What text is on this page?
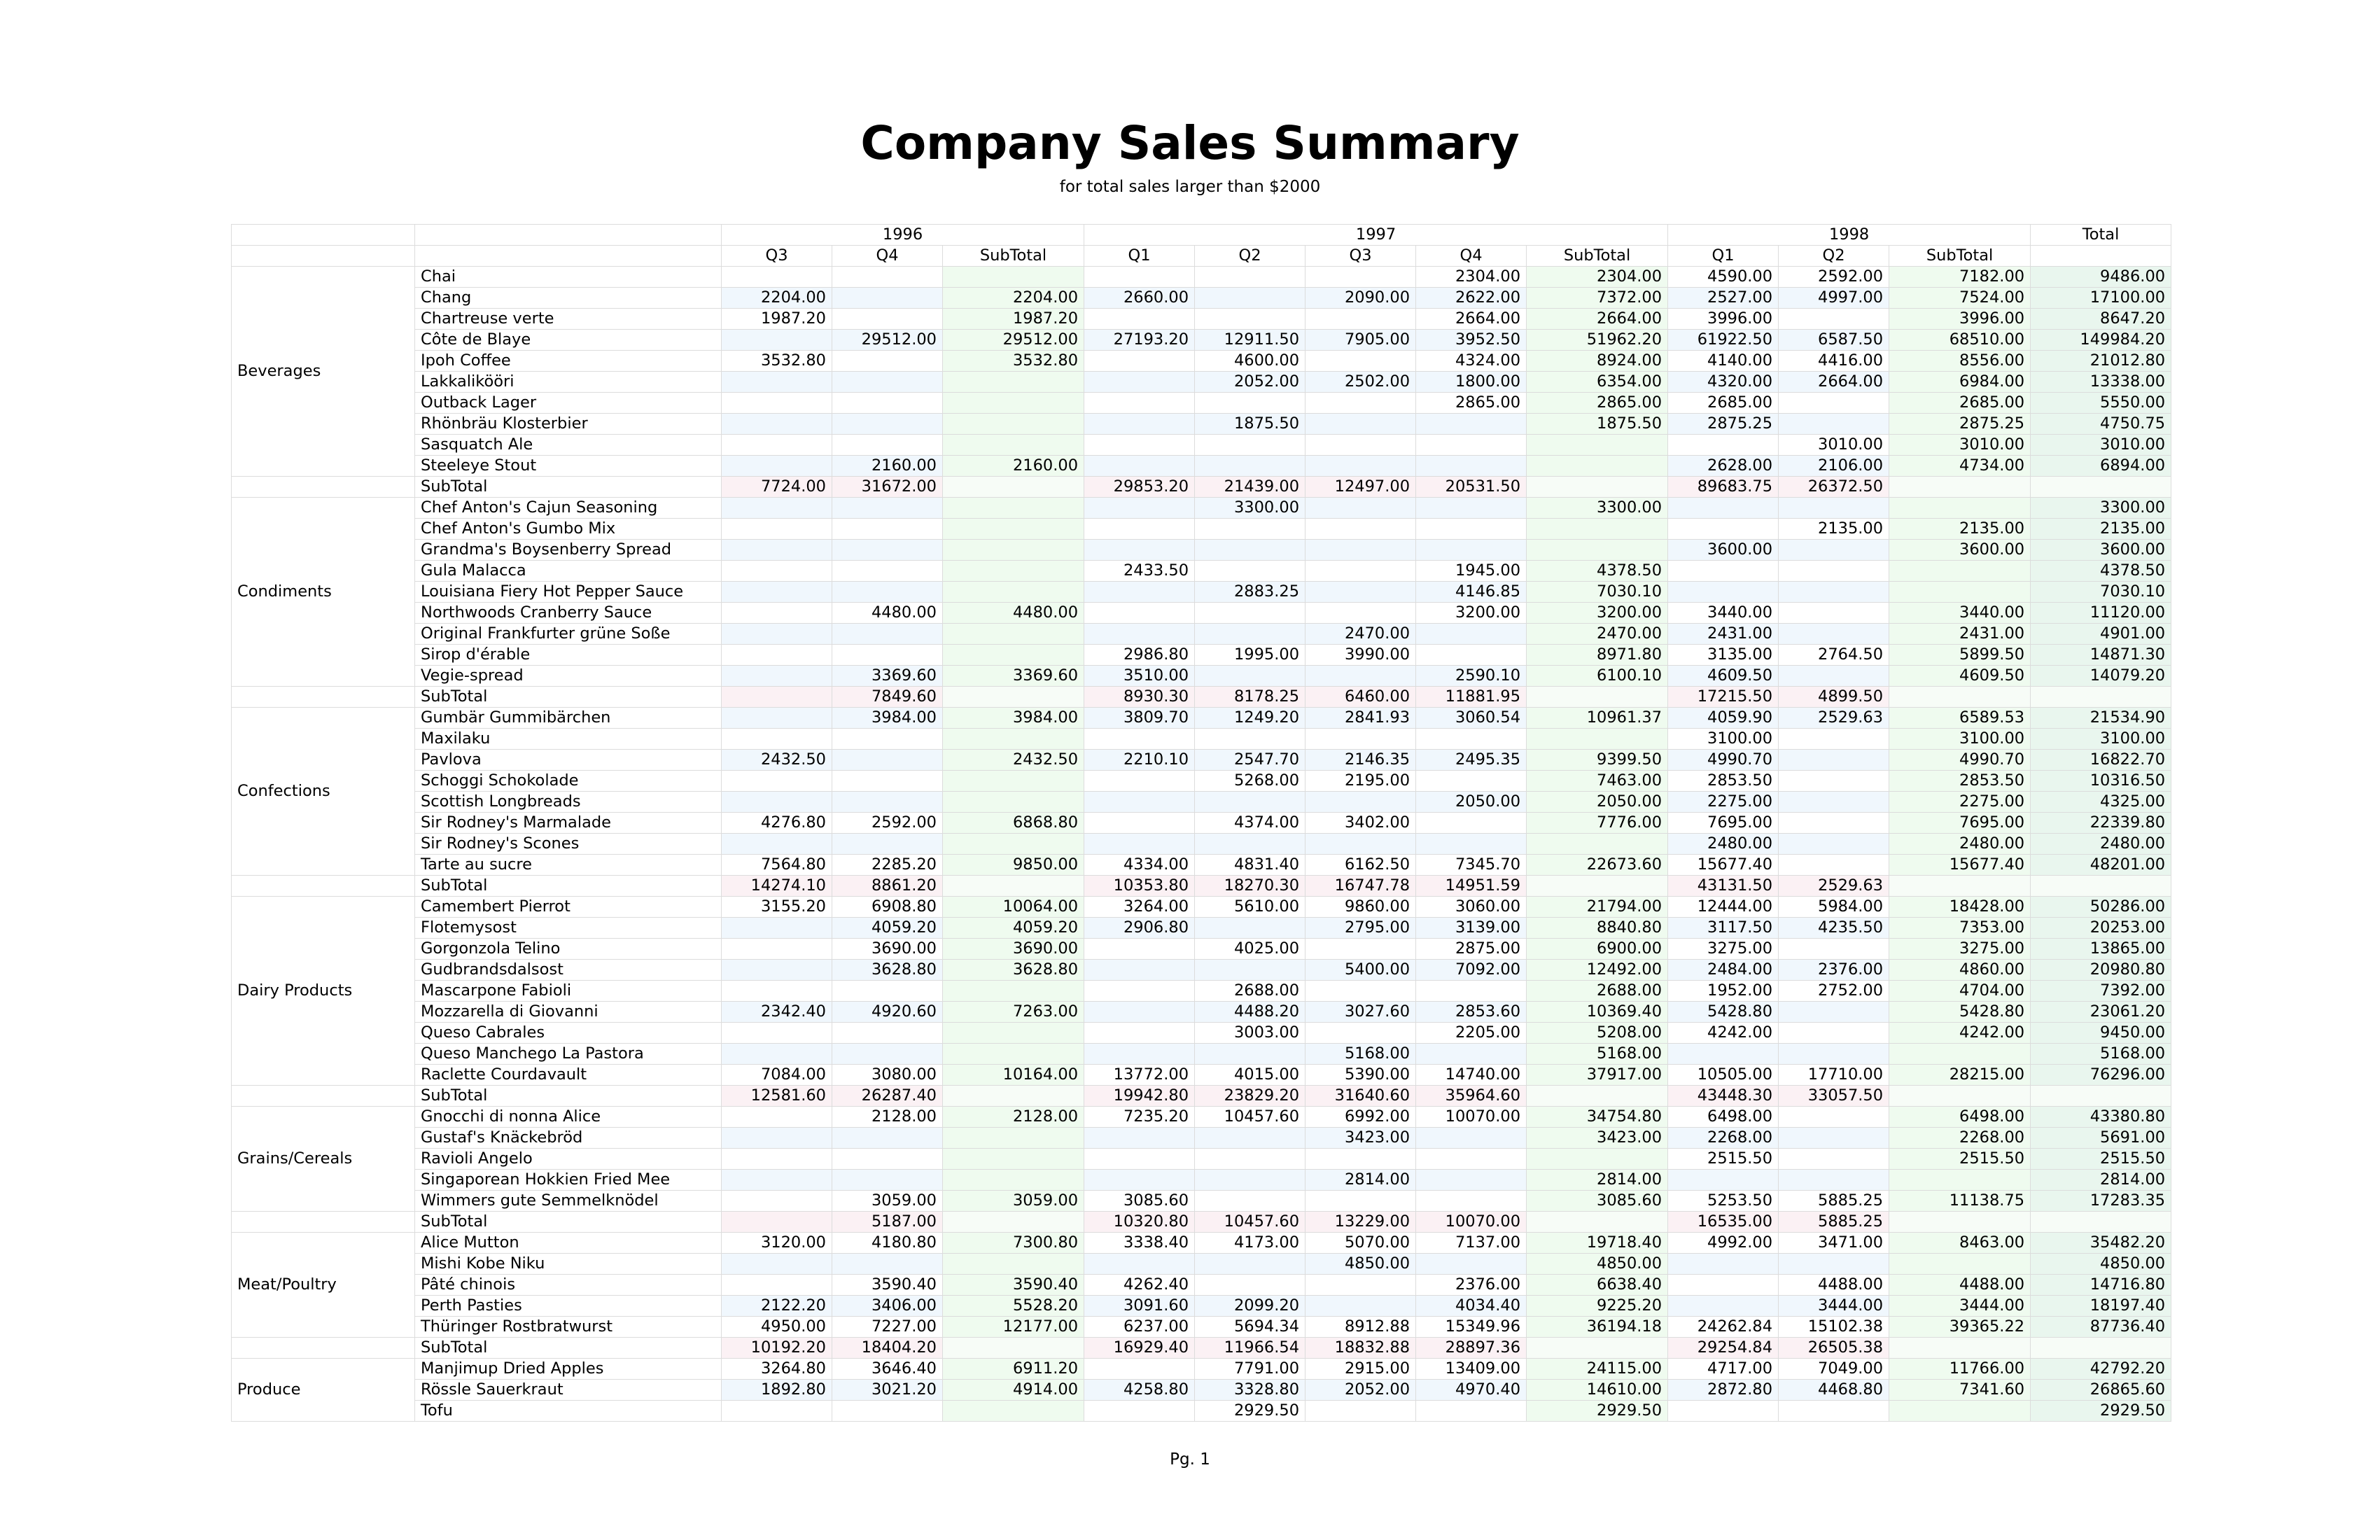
Company Sales Summary
for total sales larger than $2000
		1996			1997					1998			Total
		Q3	Q4	SubTotal	Q1	Q2	Q3	Q4	SubTotal	Q1	Q2	SubTotal	
Beverages	Chai							2304.00	2304.00	4590.00	2592.00	7182.00	9486.00
	Chang	2204.00		2204.00	2660.00		2090.00	2622.00	7372.00	2527.00	4997.00	7524.00	17100.00
	Chartreuse verte	1987.20		1987.20				2664.00	2664.00	3996.00		3996.00	8647.20
	Côte de Blaye		29512.00	29512.00	27193.20	12911.50	7905.00	3952.50	51962.20	61922.50	6587.50	68510.00	149984.20
	Ipoh Coffee	3532.80		3532.80		4600.00		4324.00	8924.00	4140.00	4416.00	8556.00	21012.80
	Lakkalikööri					2052.00	2502.00	1800.00	6354.00	4320.00	2664.00	6984.00	13338.00
	Outback Lager							2865.00	2865.00	2685.00		2685.00	5550.00
	Rhönbräu Klosterbier					1875.50			1875.50	2875.25		2875.25	4750.75
	Sasquatch Ale										3010.00	3010.00	3010.00
	Steeleye Stout		2160.00	2160.00						2628.00	2106.00	4734.00	6894.00
	SubTotal	7724.00	31672.00		29853.20	21439.00	12497.00	20531.50		89683.75	26372.50		
Condiments	Chef Anton's Cajun Seasoning					3300.00			3300.00				3300.00
	Chef Anton's Gumbo Mix										2135.00	2135.00	2135.00
	Grandma's Boysenberry Spread									3600.00		3600.00	3600.00
	Gula Malacca				2433.50			1945.00	4378.50				4378.50
	Louisiana Fiery Hot Pepper Sauce					2883.25		4146.85	7030.10				7030.10
	Northwoods Cranberry Sauce		4480.00	4480.00				3200.00	3200.00	3440.00		3440.00	11120.00
	Original Frankfurter grüne Soße						2470.00		2470.00	2431.00		2431.00	4901.00
	Sirop d'érable				2986.80	1995.00	3990.00		8971.80	3135.00	2764.50	5899.50	14871.30
	Vegie-spread		3369.60	3369.60	3510.00			2590.10	6100.10	4609.50		4609.50	14079.20
	SubTotal		7849.60		8930.30	8178.25	6460.00	11881.95		17215.50	4899.50		
Confections	Gumbär Gummibärchen		3984.00	3984.00	3809.70	1249.20	2841.93	3060.54	10961.37	4059.90	2529.63	6589.53	21534.90
	Maxilaku									3100.00		3100.00	3100.00
	Pavlova	2432.50		2432.50	2210.10	2547.70	2146.35	2495.35	9399.50	4990.70		4990.70	16822.70
	Schoggi Schokolade					5268.00	2195.00		7463.00	2853.50		2853.50	10316.50
	Scottish Longbreads							2050.00	2050.00	2275.00		2275.00	4325.00
	Sir Rodney's Marmalade	4276.80	2592.00	6868.80		4374.00	3402.00		7776.00	7695.00		7695.00	22339.80
	Sir Rodney's Scones									2480.00		2480.00	2480.00
	Tarte au sucre	7564.80	2285.20	9850.00	4334.00	4831.40	6162.50	7345.70	22673.60	15677.40		15677.40	48201.00
	SubTotal	14274.10	8861.20		10353.80	18270.30	16747.78	14951.59		43131.50	2529.63		
Dairy Products	Camembert Pierrot	3155.20	6908.80	10064.00	3264.00	5610.00	9860.00	3060.00	21794.00	12444.00	5984.00	18428.00	50286.00
	Flotemysost		4059.20	4059.20	2906.80		2795.00	3139.00	8840.80	3117.50	4235.50	7353.00	20253.00
	Gorgonzola Telino		3690.00	3690.00		4025.00		2875.00	6900.00	3275.00		3275.00	13865.00
	Gudbrandsdalsost		3628.80	3628.80			5400.00	7092.00	12492.00	2484.00	2376.00	4860.00	20980.80
	Mascarpone Fabioli					2688.00			2688.00	1952.00	2752.00	4704.00	7392.00
	Mozzarella di Giovanni	2342.40	4920.60	7263.00		4488.20	3027.60	2853.60	10369.40	5428.80		5428.80	23061.20
	Queso Cabrales					3003.00		2205.00	5208.00	4242.00		4242.00	9450.00
	Queso Manchego La Pastora						5168.00		5168.00				5168.00
	Raclette Courdavault	7084.00	3080.00	10164.00	13772.00	4015.00	5390.00	14740.00	37917.00	10505.00	17710.00	28215.00	76296.00
	SubTotal	12581.60	26287.40		19942.80	23829.20	31640.60	35964.60		43448.30	33057.50		
Grains/Cereals	Gnocchi di nonna Alice		2128.00	2128.00	7235.20	10457.60	6992.00	10070.00	34754.80	6498.00		6498.00	43380.80
	Gustaf's Knäckebröd						3423.00		3423.00	2268.00		2268.00	5691.00
	Ravioli Angelo									2515.50		2515.50	2515.50
	Singaporean Hokkien Fried Mee						2814.00		2814.00				2814.00
	Wimmers gute Semmelknödel		3059.00	3059.00	3085.60				3085.60	5253.50	5885.25	11138.75	17283.35
	SubTotal		5187.00		10320.80	10457.60	13229.00	10070.00		16535.00	5885.25		
Meat/Poultry	Alice Mutton	3120.00	4180.80	7300.80	3338.40	4173.00	5070.00	7137.00	19718.40	4992.00	3471.00	8463.00	35482.20
	Mishi Kobe Niku						4850.00		4850.00				4850.00
	Pâté chinois		3590.40	3590.40	4262.40			2376.00	6638.40		4488.00	4488.00	14716.80
	Perth Pasties	2122.20	3406.00	5528.20	3091.60	2099.20		4034.40	9225.20		3444.00	3444.00	18197.40
	Thüringer Rostbratwurst	4950.00	7227.00	12177.00	6237.00	5694.34	8912.88	15349.96	36194.18	24262.84	15102.38	39365.22	87736.40
	SubTotal	10192.20	18404.20		16929.40	11966.54	18832.88	28897.36		29254.84	26505.38		
Produce	Manjimup Dried Apples	3264.80	3646.40	6911.20		7791.00	2915.00	13409.00	24115.00	4717.00	7049.00	11766.00	42792.20
	Rössle Sauerkraut	1892.80	3021.20	4914.00	4258.80	3328.80	2052.00	4970.40	14610.00	2872.80	4468.80	7341.60	26865.60
	Tofu					2929.50			2929.50				2929.50
Pg. 1
